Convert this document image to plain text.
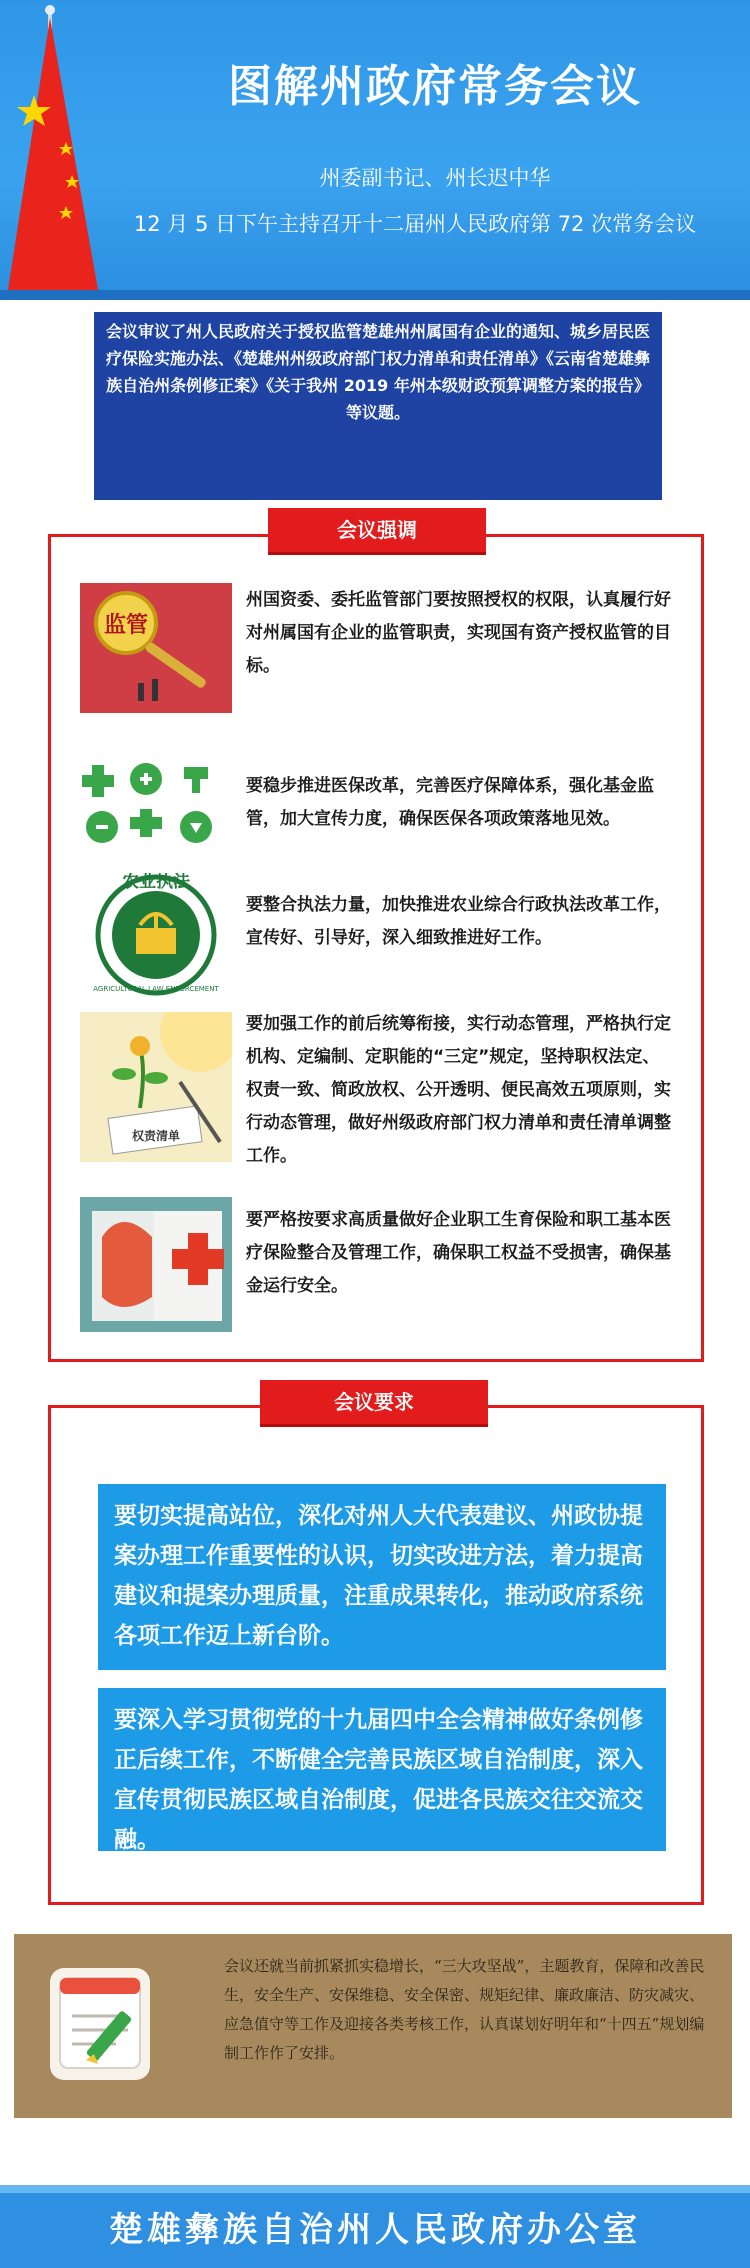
图解州政府常务会议
州委副书记、州长迟中华
12 月 5 日下午主持召开十二届州人民政府第 72 次常务会议
会议审议了州人民政府关于授权监管楚雄州州属国有企业的通知、城乡居民医疗保险实施办法、《楚雄州州级政府部门权力清单和责任清单》《云南省楚雄彝族自治州条例修正案》《关于我州 2019 年州本级财政预算调整方案的报告》等议题。
会议强调
监管
州国资委、委托监管部门要按照授权的权限，认真履行好对州属国有企业的监管职责，实现国有资产授权监管的目标。
要稳步推进医保改革，完善医疗保障体系，强化基金监管，加大宣传力度，确保医保各项政策落地见效。
农业执法
AGRICULTURAL LAW ENFORCEMENT
要整合执法力量，加快推进农业综合行政执法改革工作，宣传好、引导好，深入细致推进好工作。
权责清单
要加强工作的前后统筹衔接，实行动态管理，严格执行定机构、定编制、定职能的“三定”规定，坚持职权法定、权责一致、简政放权、公开透明、便民高效五项原则，实行动态管理，做好州级政府部门权力清单和责任清单调整工作。
要严格按要求高质量做好企业职工生育保险和职工基本医疗保险整合及管理工作，确保职工权益不受损害，确保基金运行安全。
会议要求
要切实提高站位，深化对州人大代表建议、州政协提案办理工作重要性的认识，切实改进方法，着力提高建议和提案办理质量，注重成果转化，推动政府系统各项工作迈上新台阶。
要深入学习贯彻党的十九届四中全会精神做好条例修正后续工作，不断健全完善民族区域自治制度，深入宣传贯彻民族区域自治制度，促进各民族交往交流交融。
会议还就当前抓紧抓实稳增长，“三大攻坚战”，主题教育，保障和改善民生，安全生产、安保维稳、安全保密、规矩纪律、廉政廉洁、防灾减灾、应急值守等工作及迎接各类考核工作，认真谋划好明年和“十四五”规划编制工作作了安排。
楚雄彝族自治州人民政府办公室
